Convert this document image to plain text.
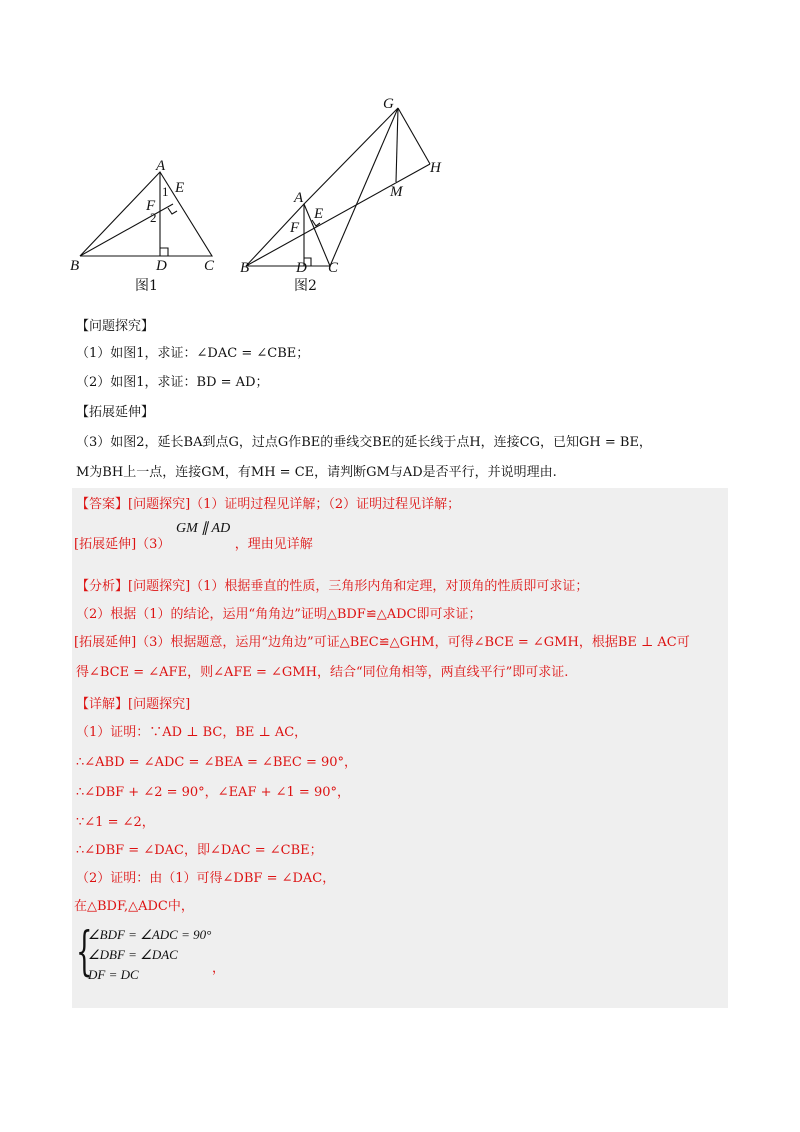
A
B	C
D
E
F
1
2
图1
G
H
M
A
E
F
B	D C
图2
【问题探究】
（1）如图1，求证：∠DAC = ∠CBE；
（2）如图1，求证：BD = AD；
【拓展延伸】
（3）如图2，延长BA到点G，过点G作BE的垂线交BE的延长线于点H，连接CG，已知GH = BE，
M为BH上一点，连接GM，有MH = CE，请判断GM与AD是否平行，并说明理由.
【答案】[问题探究]（1）证明过程见详解；（2）证明过程见详解；
GM ∥ AD
[拓展延伸]（3）	，理由见详解
【分析】[问题探究]（1）根据垂直的性质，三角形内角和定理，对顶角的性质即可求证；
（2）根据（1）的结论，运用“角角边”证明△BDF≌△ADC即可求证；
[拓展延伸]（3）根据题意，运用“边角边”可证△BEC≌△GHM，可得∠BCE = ∠GMH，根据BE ⊥ AC可
得∠BCE = ∠AFE，则∠AFE = ∠GMH，结合“同位角相等，两直线平行”即可求证.
【详解】[问题探究]
（1）证明：∵AD ⊥ BC，BE ⊥ AC，
∴∠ABD = ∠ADC = ∠BEA = ∠BEC = 90°，
∴∠DBF + ∠2 = 90°，∠EAF + ∠1 = 90°，
∵∠1 = ∠2，
∴∠DBF = ∠DAC，即∠DAC = ∠CBE；
（2）证明：由（1）可得∠DBF = ∠DAC，
在△BDF,△ADC中，
{
∠BDF = ∠ADC = 90°
∠DBF = ∠DAC
DF = DC	，
